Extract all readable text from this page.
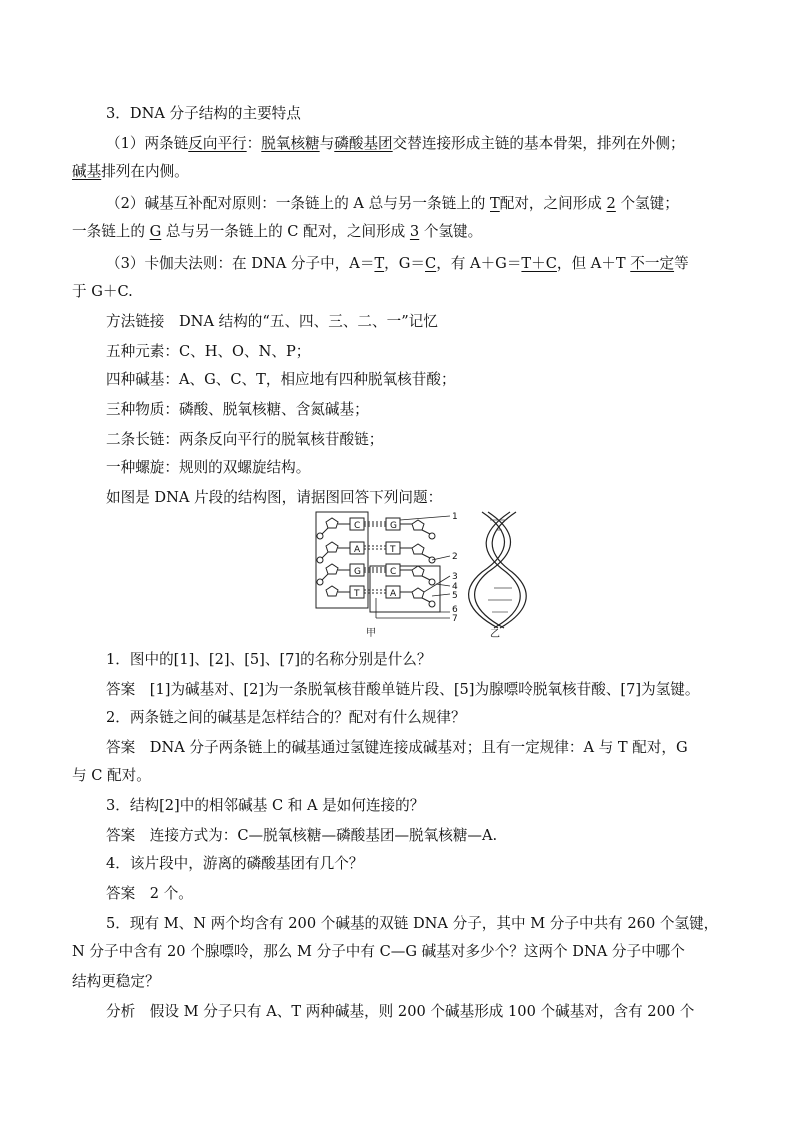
3．DNA 分子结构的主要特点
（1）两条链反向平行：脱氧核糖与磷酸基团交替连接形成主链的基本骨架，排列在外侧；
碱基排列在内侧。
（2）碱基互补配对原则：一条链上的 A 总与另一条链上的 T配对，之间形成 2 个氢键；
一条链上的 G 总与另一条链上的 C 配对，之间形成 3 个氢键。
（3）卡伽夫法则：在 DNA 分子中，A＝T，G＝C，有 A＋G＝T＋C，但 A＋T 不一定等
于 G＋C.
方法链接　DNA 结构的“五、四、三、二、一”记忆
五种元素：C、H、O、N、P；
四种碱基：A、G、C、T，相应地有四种脱氧核苷酸；
三种物质：磷酸、脱氧核糖、含氮碱基；
二条长链：两条反向平行的脱氧核苷酸链；
一种螺旋：规则的双螺旋结构。
如图是 DNA 片段的结构图，请据图回答下列问题：
C
A
G
T
G
T
C
A
1
2
3
4
5
6
7
甲	乙
1．图中的[1]、[2]、[5]、[7]的名称分别是什么？
答案　[1]为碱基对、[2]为一条脱氧核苷酸单链片段、[5]为腺嘌呤脱氧核苷酸、[7]为氢键。
2．两条链之间的碱基是怎样结合的？配对有什么规律？
答案　DNA 分子两条链上的碱基通过氢键连接成碱基对；且有一定规律：A 与 T 配对，G
与 C 配对。
3．结构[2]中的相邻碱基 C 和 A 是如何连接的？
答案　连接方式为：C—脱氧核糖—磷酸基团—脱氧核糖—A.
4．该片段中，游离的磷酸基团有几个？
答案　2 个。
5．现有 M、N 两个均含有 200 个碱基的双链 DNA 分子，其中 M 分子中共有 260 个氢键，
N 分子中含有 20 个腺嘌呤，那么 M 分子中有 C—G 碱基对多少个？这两个 DNA 分子中哪个
结构更稳定？
分析　假设 M 分子只有 A、T 两种碱基，则 200 个碱基形成 100 个碱基对，含有 200 个
